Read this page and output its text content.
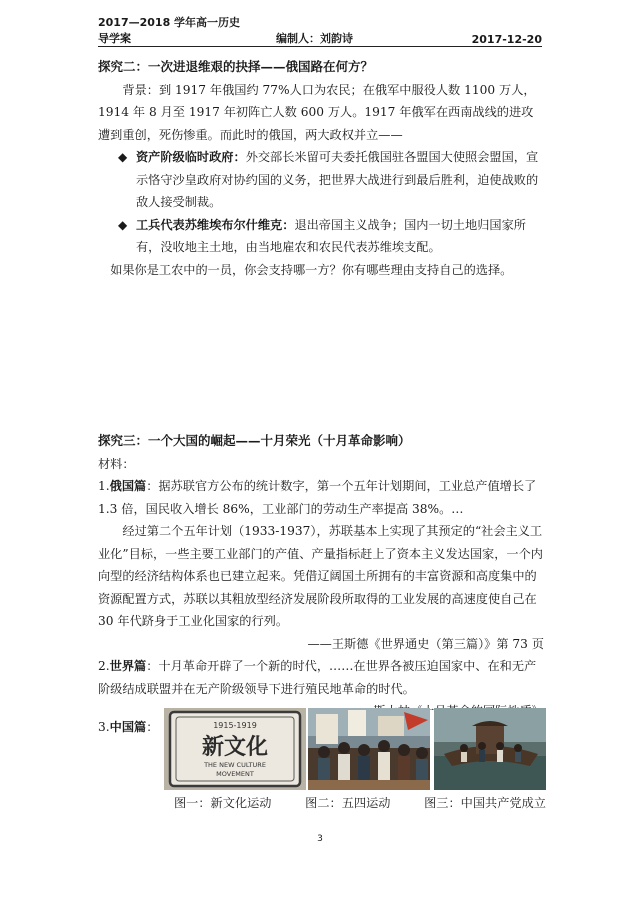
2017—2018 学年高一历史导学案	编制人：刘韵诗	2017-12-20
探究二：一次进退维艰的抉择——俄国路在何方？
背景：到 1917 年俄国约 77%人口为农民；在俄军中服役人数 1100 万人，1914 年 8 月至 1917 年初阵亡人数 600 万人。1917 年俄军在西南战线的进攻遭到重创，死伤惨重。而此时的俄国，两大政权并立——
◆ 资产阶级临时政府：外交部长米留可夫委托俄国驻各盟国大使照会盟国，宣示恪守沙皇政府对协约国的义务，把世界大战进行到最后胜利，迫使战败的敌人接受制裁。
◆ 工兵代表苏维埃布尔什维克：退出帝国主义战争；国内一切土地归国家所有，没收地主土地，由当地雇农和农民代表苏维埃支配。
如果你是工农中的一员，你会支持哪一方？你有哪些理由支持自己的选择。
探究三：一个大国的崛起——十月荣光（十月革命影响）
材料：
1.俄国篇：据苏联官方公布的统计数字，第一个五年计划期间，工业总产值增长了 1.3 倍，国民收入增长 86%，工业部门的劳动生产率提高 38%。…
经过第二个五年计划（1933-1937），苏联基本上实现了其预定的“社会主义工业化”目标，一些主要工业部门的产值、产量指标赶上了资本主义发达国家，一个内向型的经济结构体系也已建立起来。凭借辽阔国土所拥有的丰富资源和高度集中的资源配置方式，苏联以其粗放型经济发展阶段所取得的工业发展的高速度使自己在 30 年代跻身于工业化国家的行列。
——王斯德《世界通史（第三篇）》第 73 页
2.世界篇：十月革命开辟了一个新的时代，……在世界各被压迫国家中、在和无产阶级结成联盟并在无产阶级领导下进行殖民地革命的时代。
3.中国篇：	1915-1919
新文化
THE NEW CULTURE
MOVEMENT
图一：新文化运动	图二：五四运动	图三：中国共产党成立
3
